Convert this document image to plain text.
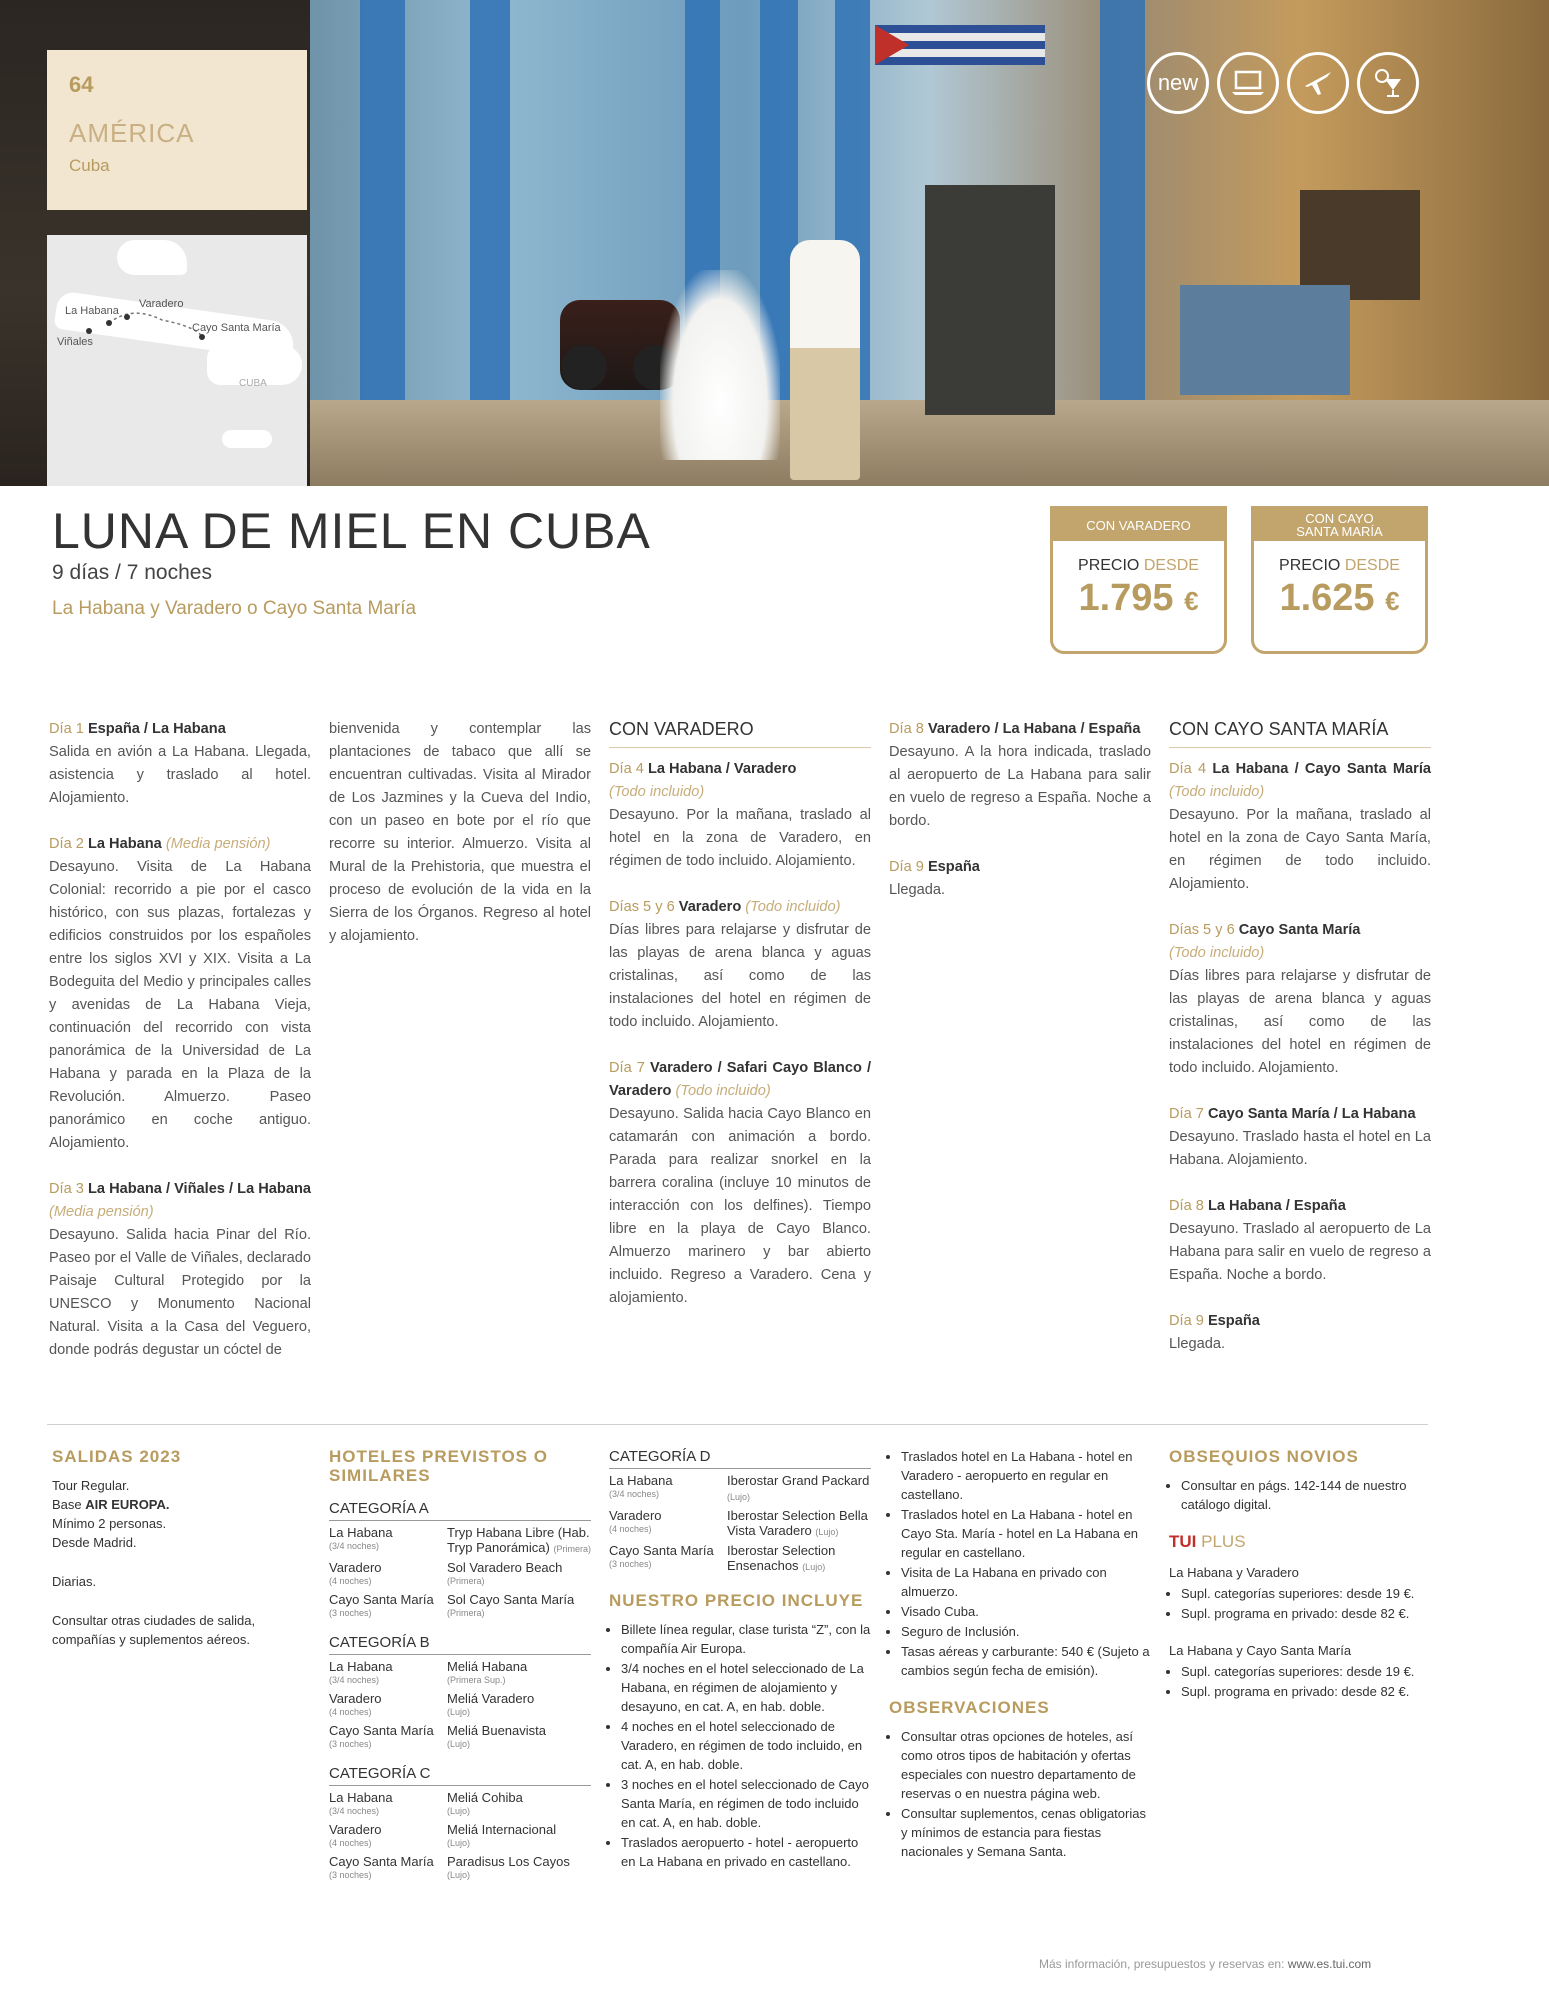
64
AMÉRICA
Cuba
La Habana
Varadero
Cayo Santa María
Viñales
CUBA
new
LUNA DE MIEL EN CUBA
9 días / 7 noches
La Habana y Varadero o Cayo Santa María
CON VARADERO
PRECIO DESDE
1.795 €
CON CAYO SANTA MARÍA
PRECIO DESDE
1.625 €

Día 1 España / La Habana
Salida en avión a La Habana. Llegada, asistencia y traslado al hotel. Alojamiento.

Día 2 La Habana (Media pensión)
Desayuno. Visita de La Habana Colonial: recorrido a pie por el casco histórico, con sus plazas, fortalezas y edificios construidos por los españoles entre los siglos XVI y XIX. Visita a La Bodeguita del Medio y principales calles y avenidas de La Habana Vieja, continuación del recorrido con vista panorámica de la Universidad de La Habana y parada en la Plaza de la Revolución. Almuerzo. Paseo panorámico en coche antiguo. Alojamiento.

Día 3 La Habana / Viñales / La Habana (Media pensión)
Desayuno. Salida hacia Pinar del Río. Paseo por el Valle de Viñales, declarado Paisaje Cultural Protegido por la UNESCO y Monumento Nacional Natural. Visita a la Casa del Veguero, donde podrás degustar un cóctel de

bienvenida y contemplar las plantaciones de tabaco que allí se encuentran cultivadas. Visita al Mirador de Los Jazmines y la Cueva del Indio, con un paseo en bote por el río que recorre su interior. Almuerzo. Visita al Mural de la Prehistoria, que muestra el proceso de evolución de la vida en la Sierra de los Órganos. Regreso al hotel y alojamiento.

CON VARADERO

Día 4 La Habana / Varadero
(Todo incluido)
Desayuno. Por la mañana, traslado al hotel en la zona de Varadero, en régimen de todo incluido. Alojamiento.

Días 5 y 6 Varadero (Todo incluido)
Días libres para relajarse y disfrutar de las playas de arena blanca y aguas cristalinas, así como de las instalaciones del hotel en régimen de todo incluido. Alojamiento.

Día 7 Varadero / Safari Cayo Blanco / Varadero (Todo incluido)
Desayuno. Salida hacia Cayo Blanco en catamarán con animación a bordo. Parada para realizar snorkel en la barrera coralina (incluye 10 minutos de interacción con los delfines). Tiempo libre en la playa de Cayo Blanco. Almuerzo marinero y bar abierto incluido. Regreso a Varadero. Cena y alojamiento.

Día 8 Varadero / La Habana / España
Desayuno. A la hora indicada, traslado al aeropuerto de La Habana para salir en vuelo de regreso a España. Noche a bordo.

Día 9 España
Llegada.

CON CAYO SANTA MARÍA

Día 4 La Habana / Cayo Santa María (Todo incluido)
Desayuno. Por la mañana, traslado al hotel en la zona de Cayo Santa María, en régimen de todo incluido. Alojamiento.

Días 5 y 6 Cayo Santa María
(Todo incluido)
Días libres para relajarse y disfrutar de las playas de arena blanca y aguas cristalinas, así como de las instalaciones del hotel en régimen de todo incluido. Alojamiento.

Día 7 Cayo Santa María / La Habana
Desayuno. Traslado hasta el hotel en La Habana. Alojamiento.

Día 8 La Habana / España
Desayuno. Traslado al aeropuerto de La Habana para salir en vuelo de regreso a España. Noche a bordo.

Día 9 España
Llegada.

SALIDAS 2023

Tour Regular.
Base AIR EUROPA.
Mínimo 2 personas.
Desde Madrid.

Diarias.

Consultar otras ciudades de salida, compañías y suplementos aéreos.

HOTELES PREVISTOS O SIMILARES
CATEGORÍA A
La Habana
(3/4 noches)
Tryp Habana Libre (Hab. Tryp Panorámica) (Primera)
Varadero
(4 noches)
Sol Varadero Beach
(Primera)
Cayo Santa María
(3 noches)
Sol Cayo Santa María
(Primera)
CATEGORÍA B
La Habana
(3/4 noches)
Meliá Habana
(Primera Sup.)
Varadero
(4 noches)
Meliá Varadero
(Lujo)
Cayo Santa María
(3 noches)
Meliá Buenavista
(Lujo)
CATEGORÍA C
La Habana
(3/4 noches)
Meliá Cohiba
(Lujo)
Varadero
(4 noches)
Meliá Internacional
(Lujo)
Cayo Santa María
(3 noches)
Paradisus Los Cayos
(Lujo)
CATEGORÍA D
La Habana
(3/4 noches)
Iberostar Grand Packard (Lujo)
Varadero
(4 noches)
Iberostar Selection Bella Vista Varadero (Lujo)
Cayo Santa María
(3 noches)
Iberostar Selection Ensenachos (Lujo)
NUESTRO PRECIO INCLUYE
• Billete línea regular, clase turista “Z”, con la compañía Air Europa.
• 3/4 noches en el hotel seleccionado de La Habana, en régimen de alojamiento y desayuno, en cat. A, en hab. doble.
• 4 noches en el hotel seleccionado de Varadero, en régimen de todo incluido, en cat. A, en hab. doble.
• 3 noches en el hotel seleccionado de Cayo Santa María, en régimen de todo incluido en cat. A, en hab. doble.
• Traslados aeropuerto - hotel - aeropuerto en La Habana en privado en castellano.
• Traslados hotel en La Habana - hotel en Varadero - aeropuerto en regular en castellano.
• Traslados hotel en La Habana - hotel en Cayo Sta. María - hotel en La Habana en regular en castellano.
• Visita de La Habana en privado con almuerzo.
• Visado Cuba.
• Seguro de Inclusión.
• Tasas aéreas y carburante: 540 € (Sujeto a cambios según fecha de emisión).
OBSERVACIONES
• Consultar otras opciones de hoteles, así como otros tipos de habitación y ofertas especiales con nuestro departamento de reservas o en nuestra página web.
• Consultar suplementos, cenas obligatorias y mínimos de estancia para fiestas nacionales y Semana Santa.
OBSEQUIOS NOVIOS
• Consultar en págs. 142-144 de nuestro catálogo digital.
TUI PLUS
La Habana y Varadero
• Supl. categorías superiores: desde 19 €.
• Supl. programa en privado: desde 82 €.
La Habana y Cayo Santa María
• Supl. categorías superiores: desde 19 €.
• Supl. programa en privado: desde 82 €.
Más información, presupuestos y reservas en: www.es.tui.com
